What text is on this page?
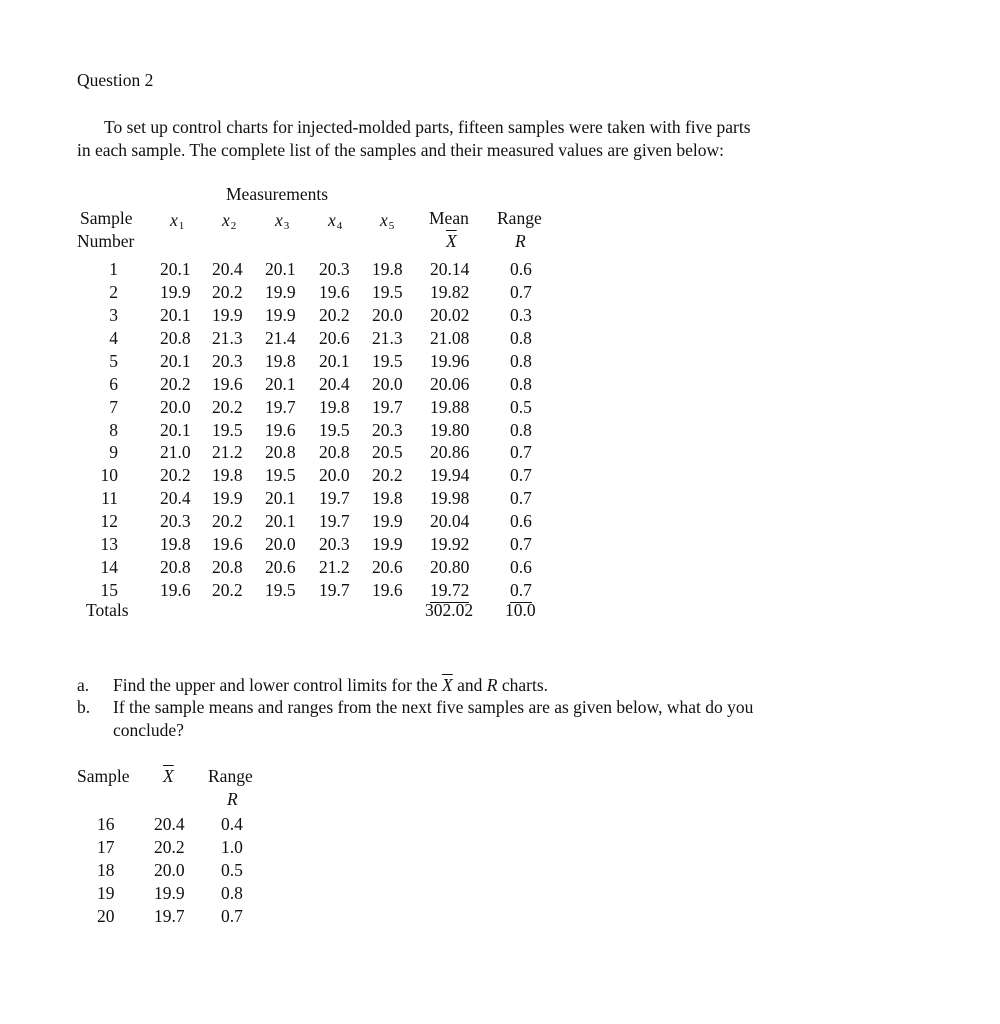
Question 2
To set up control charts for injected-molded parts, fifteen samples were taken with five parts
in each sample. The complete list of the samples and their measured values are given below:
Measurements
Sample
Number
$x_1$ $x_2$ $x_3$ $x_4$ $x_5$ Mean
$\overline{X}$
Range
R
1 20.1 20.4 20.1 20.3 19.8 20.14 0.6
2 19.9 20.2 19.9 19.6 19.5 19.82 0.7
3 20.1 19.9 19.9 20.2 20.0 20.02 0.3
4 20.8 21.3 21.4 20.6 21.3 21.08 0.8
5 20.1 20.3 19.8 20.1 19.5 19.96 0.8
6 20.2 19.6 20.1 20.4 20.0 20.06 0.8
7 20.0 20.2 19.7 19.8 19.7 19.88 0.5
8 20.1 19.5 19.6 19.5 20.3 19.80 0.8
9 21.0 21.2 20.8 20.8 20.5 20.86 0.7
10 20.2 19.8 19.5 20.0 20.2 19.94 0.7
11 20.4 19.9 20.1 19.7 19.8 19.98 0.7
12 20.3 20.2 20.1 19.7 19.9 20.04 0.6
13 19.8 19.6 20.0 20.3 19.9 19.92 0.7
14 20.8 20.8 20.6 21.2 20.6 20.80 0.6
15 19.6 20.2 19.5 19.7 19.6 19.72 0.7
Totals	302.02 10.0
a. Find the upper and lower control limits for the $\overline{X}$ and R charts.
b. If the sample means and ranges from the next five samples are as given below, what do you
conclude?
Sample $\overline{X}$ Range
R
16 20.4 0.4
17 20.2 1.0
18 20.0 0.5
19 19.9 0.8
20 19.7 0.7
